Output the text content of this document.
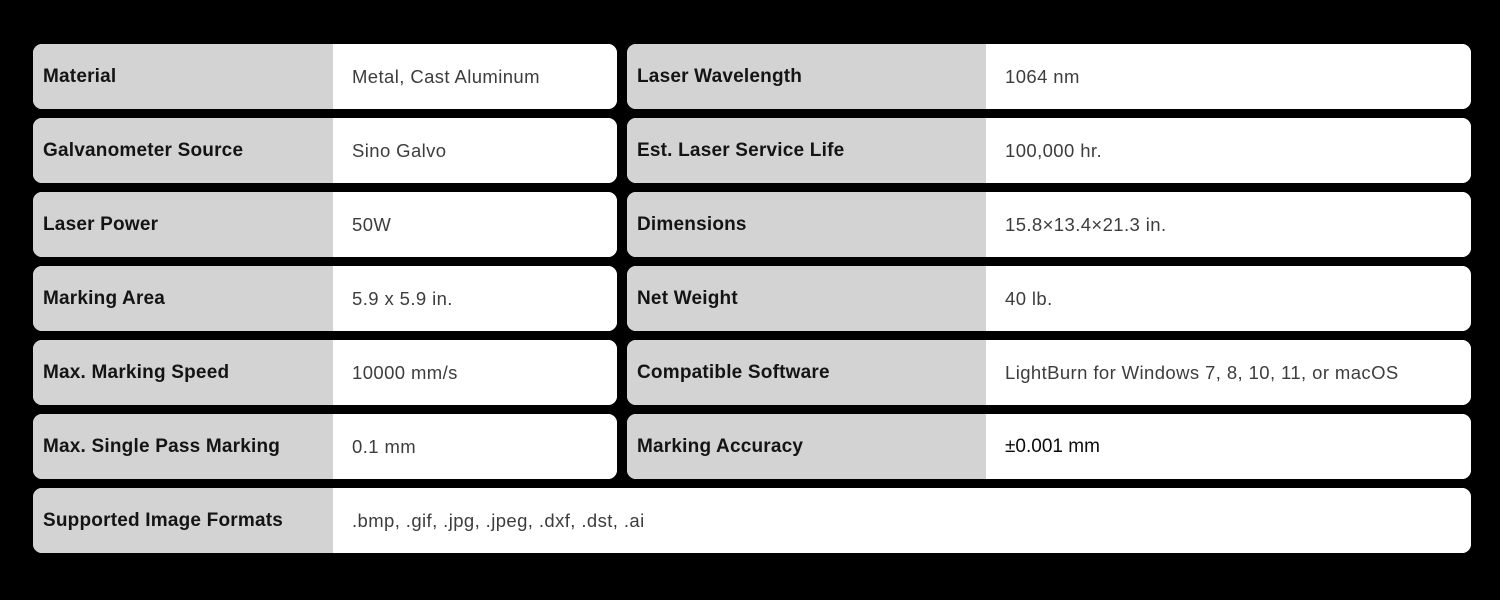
Material	Metal, Cast Aluminum	Laser Wavelength	1064 nm
Galvanometer Source	Sino Galvo	Est. Laser Service Life	100,000 hr.
Laser Power	50W	Dimensions	15.8×13.4×21.3 in.
Marking Area	5.9 x 5.9 in.	Net Weight	40 lb.
Max. Marking Speed	10000 mm/s	Compatible Software	LightBurn for Windows 7, 8, 10, 11, or macOS
Max. Single Pass Marking	0.1 mm	Marking Accuracy	±0.001 mm
Supported Image Formats	.bmp, .gif, .jpg, .jpeg, .dxf, .dst, .ai
